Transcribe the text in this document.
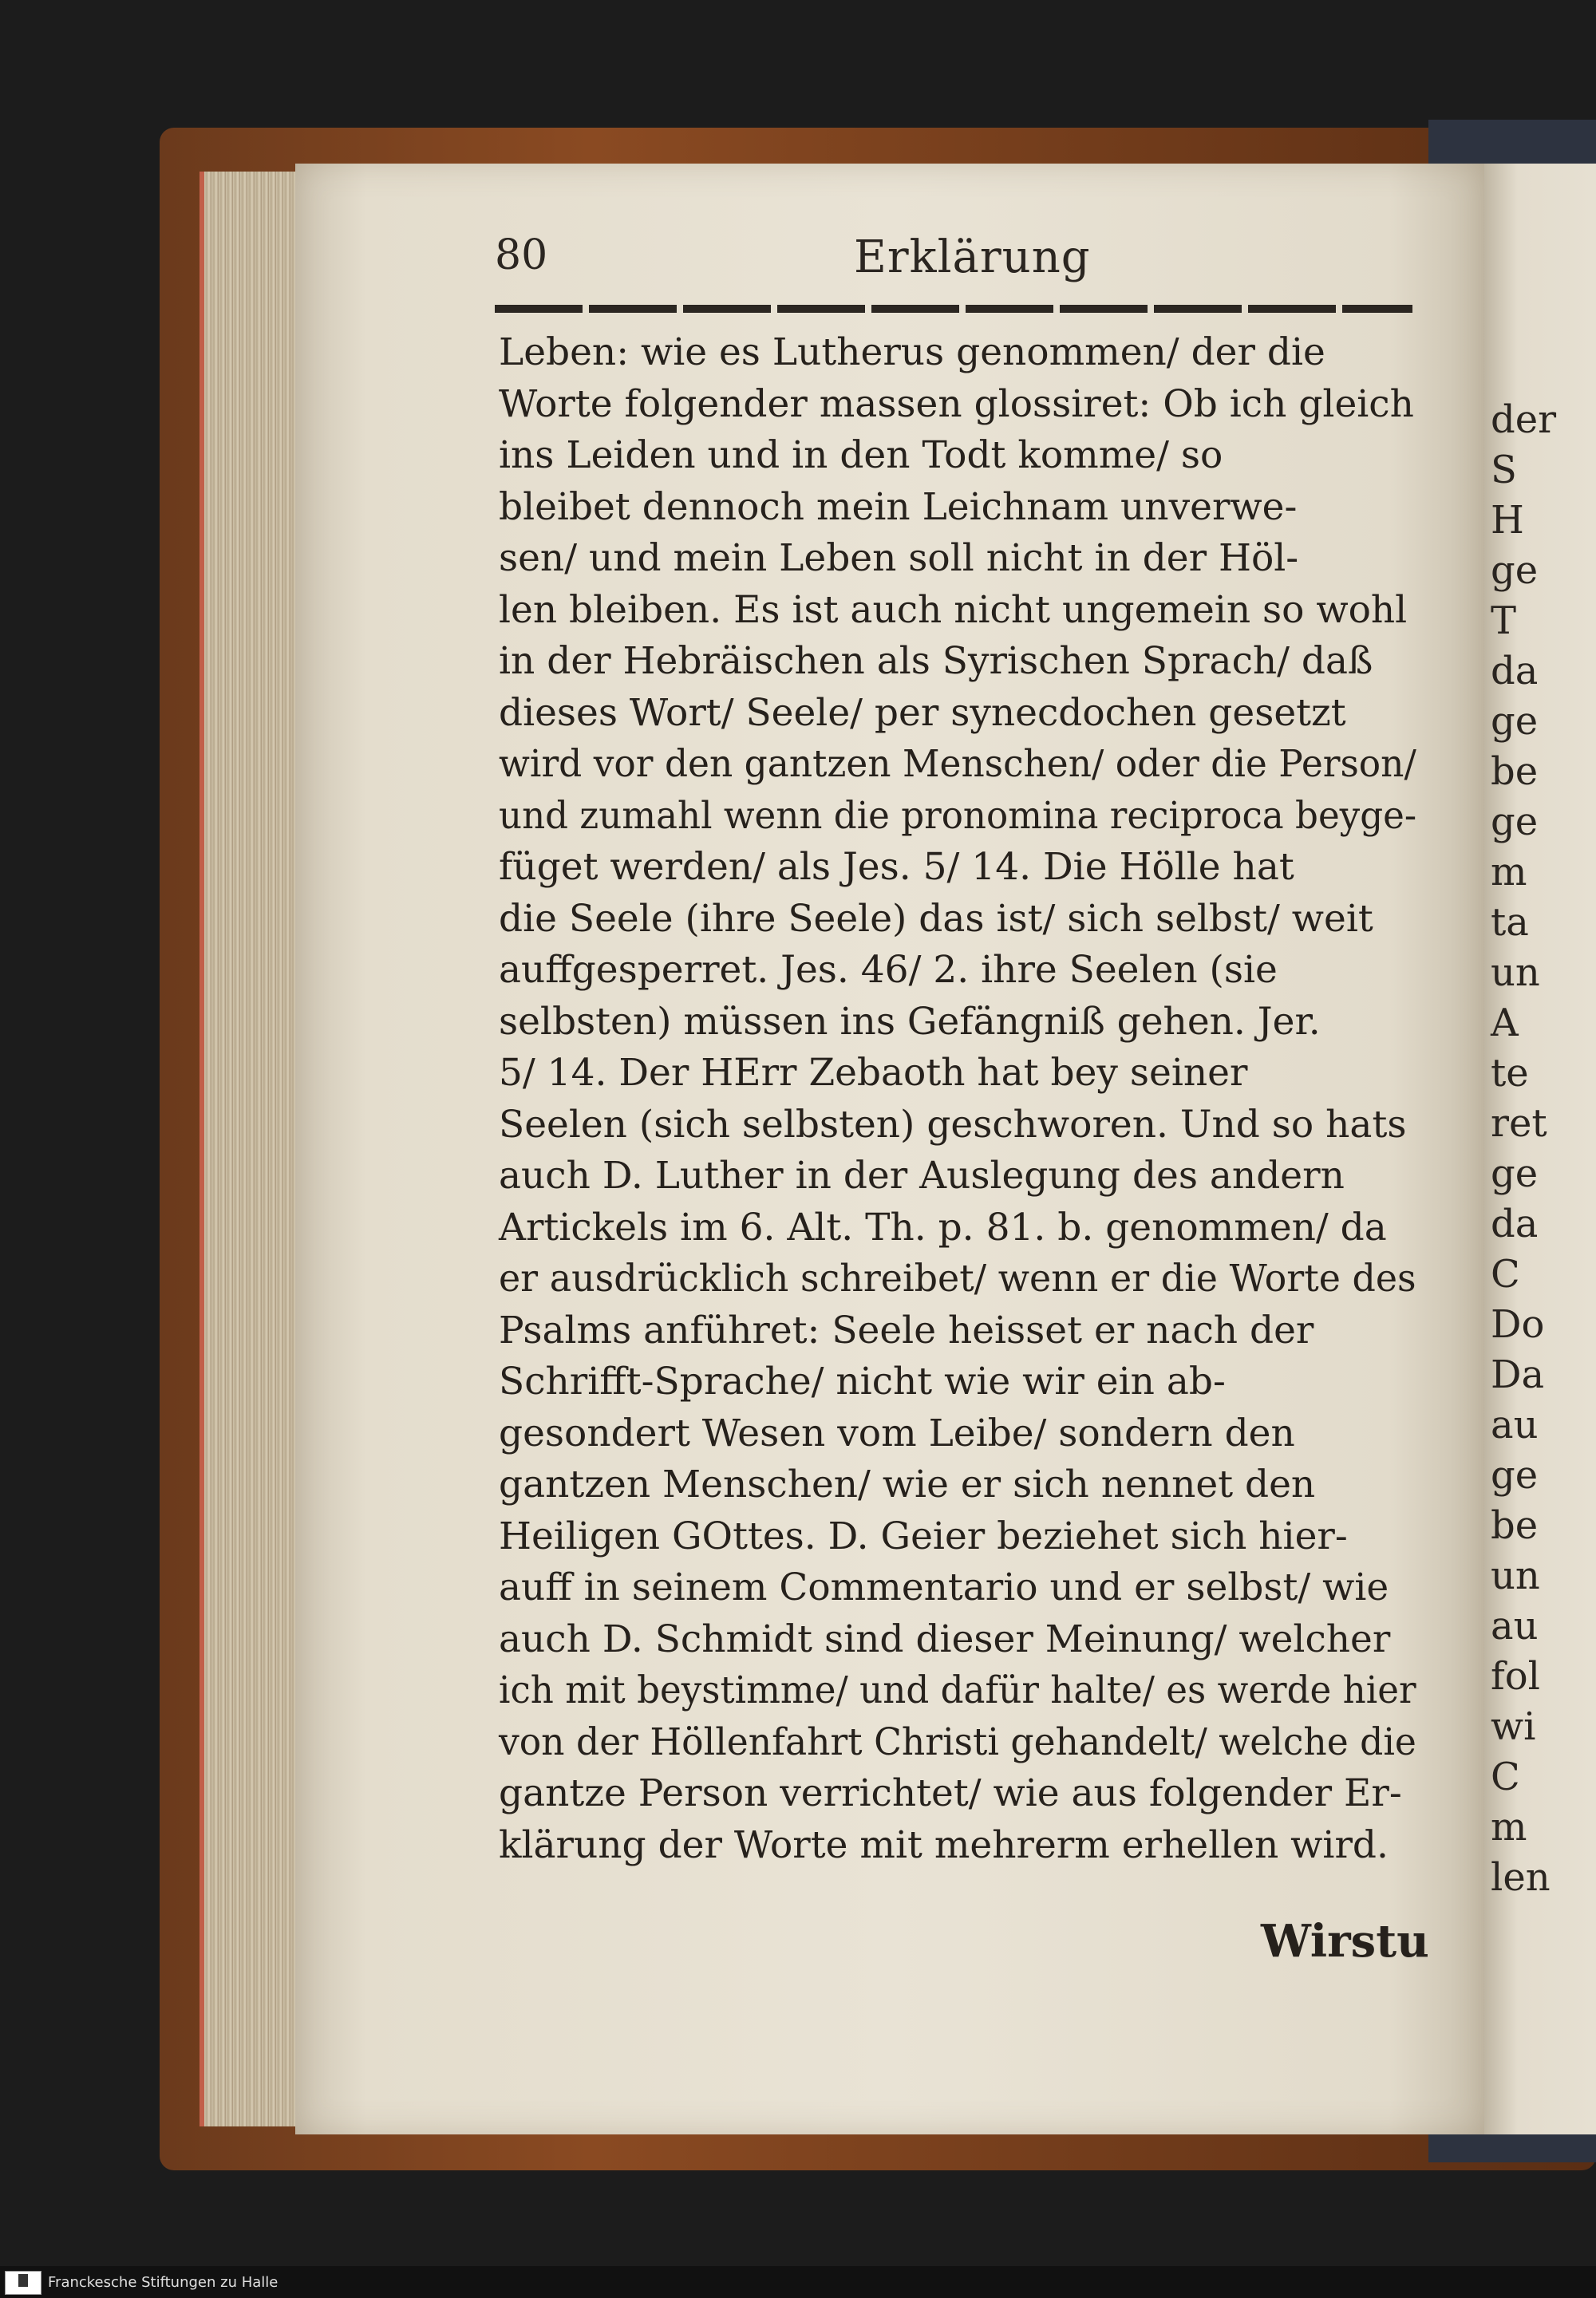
der
S
H
ge
T
da
ge
be
ge
m
ta
un
A
te
ret
ge
da
C
Do
Da
au
ge
be
un
au
fol
wi
C
m
len
80	Erklärung
Leben: wie es Lutherus genommen/ der die
Worte folgender massen glossiret: Ob ich gleich
ins Leiden und in den Todt komme/ so
bleibet dennoch mein Leichnam unverwe-
sen/ und mein Leben soll nicht in der Höl-
len bleiben. Es ist auch nicht ungemein so wohl
in der Hebräischen als Syrischen Sprach/ daß
dieses Wort/ Seele/ per synecdochen gesetzt
wird vor den gantzen Menschen/ oder die Person/
und zumahl wenn die pronomina reciproca beyge-
füget werden/ als Jes. 5/ 14. Die Hölle hat
die Seele (ihre Seele) das ist/ sich selbst/ weit
auffgesperret. Jes. 46/ 2. ihre Seelen (sie
selbsten) müssen ins Gefängniß gehen. Jer.
5/ 14. Der HErr Zebaoth hat bey seiner
Seelen (sich selbsten) geschworen. Und so hats
auch D. Luther in der Auslegung des andern
Artickels im 6. Alt. Th. p. 81. b. genommen/ da
er ausdrücklich schreibet/ wenn er die Worte des
Psalms anführet: Seele heisset er nach der
Schrifft-Sprache/ nicht wie wir ein ab-
gesondert Wesen vom Leibe/ sondern den
gantzen Menschen/ wie er sich nennet den
Heiligen GOttes. D. Geier beziehet sich hier-
auff in seinem Commentario und er selbst/ wie
auch D. Schmidt sind dieser Meinung/ welcher
ich mit beystimme/ und dafür halte/ es werde hier
von der Höllenfahrt Christi gehandelt/ welche die
gantze Person verrichtet/ wie aus folgender Er-
klärung der Worte mit mehrerm erhellen wird.
Wirstu
Franckesche Stiftungen zu Halle
